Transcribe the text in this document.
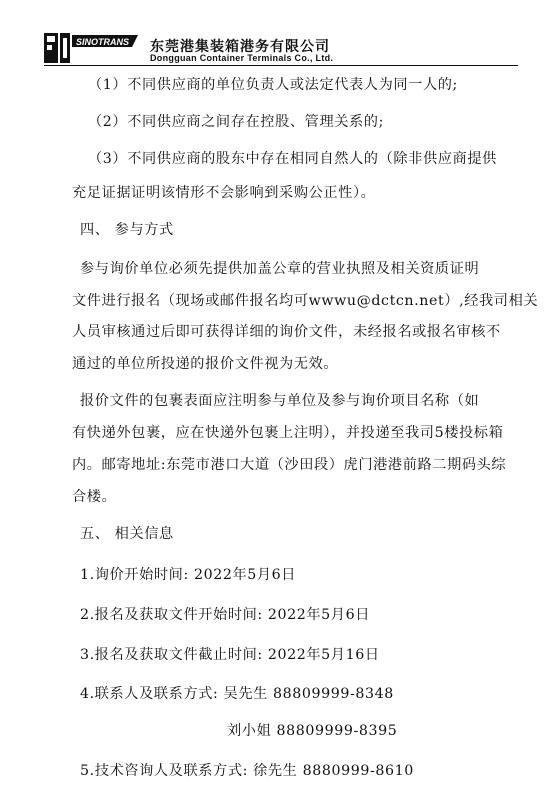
SINOTRANS 东莞港集装箱港务有限公司
Dongguan Container Terminals Co., Ltd.
（1）不同供应商的单位负责人或法定代表人为同一人的;
（2）不同供应商之间存在控股、管理关系的;
（3）不同供应商的股东中存在相同自然人的（除非供应商提供
充足证据证明该情形不会影响到采购公正性）。
四、 参与方式
参与询价单位必须先提供加盖公章的营业执照及相关资质证明
文件进行报名（现场或邮件报名均可wwwu@dctcn.net）,经我司相关
人员审核通过后即可获得详细的询价文件，未经报名或报名审核不
通过的单位所投递的报价文件视为无效。
报价文件的包裹表面应注明参与单位及参与询价项目名称（如
有快递外包裹，应在快递外包裹上注明），并投递至我司5楼投标箱
内。邮寄地址:东莞市港口大道（沙田段）虎门港港前路二期码头综
合楼。
五、 相关信息
1.询价开始时间: 2022年5月6日
2.报名及获取文件开始时间: 2022年5月6日
3.报名及获取文件截止时间: 2022年5月16日
4.联系人及联系方式: 吴先生 88809999-8348
刘小姐 88809999-8395
5.技术咨询人及联系方式: 徐先生 8880999-8610
